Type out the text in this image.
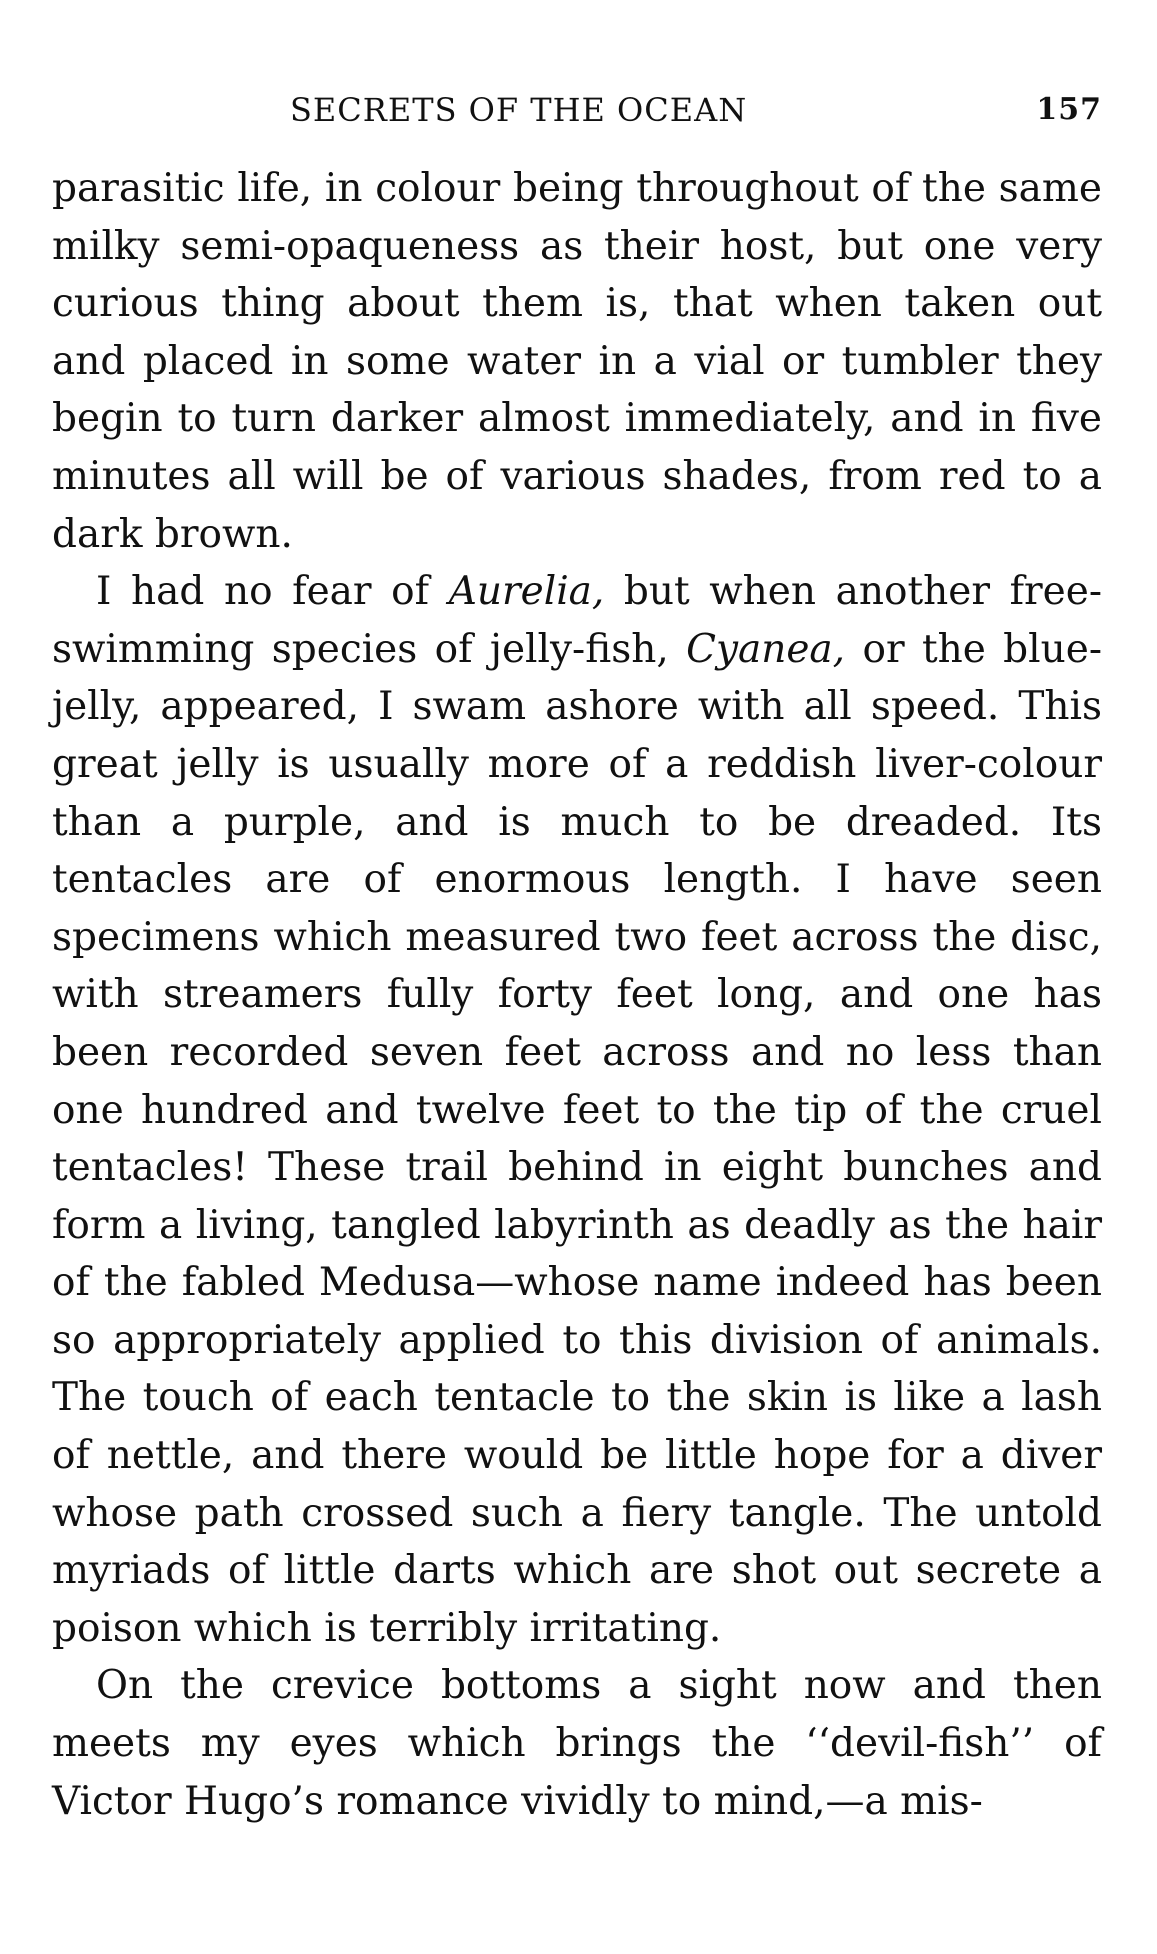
SECRETS OF THE OCEAN	157

parasitic life, in colour being throughout of the same milky semi-opaqueness as their host, but one very curious thing about them is, that when taken out and placed in some water in a vial or tumbler they begin to turn darker almost immediately, and in five minutes all will be of various shades, from red to a dark brown.

I had no fear of Aurelia, but when another free-swimming species of jelly-fish, Cyanea, or the blue-jelly, appeared, I swam ashore with all speed. This great jelly is usually more of a reddish liver-colour than a purple, and is much to be dreaded. Its tentacles are of enormous length. I have seen specimens which measured two feet across the disc, with streamers fully forty feet long, and one has been recorded seven feet across and no less than one hundred and twelve feet to the tip of the cruel tentacles! These trail behind in eight bunches and form a living, tangled labyrinth as deadly as the hair of the fabled Medusa—whose name indeed has been so appropriately applied to this division of animals. The touch of each tentacle to the skin is like a lash of nettle, and there would be little hope for a diver whose path crossed such a fiery tangle. The untold myriads of little darts which are shot out secrete a poison which is terribly irritating.

On the crevice bottoms a sight now and then meets my eyes which brings the ‘‘devil-fish’’ of Victor Hugo’s romance vividly to mind,—a mis-
